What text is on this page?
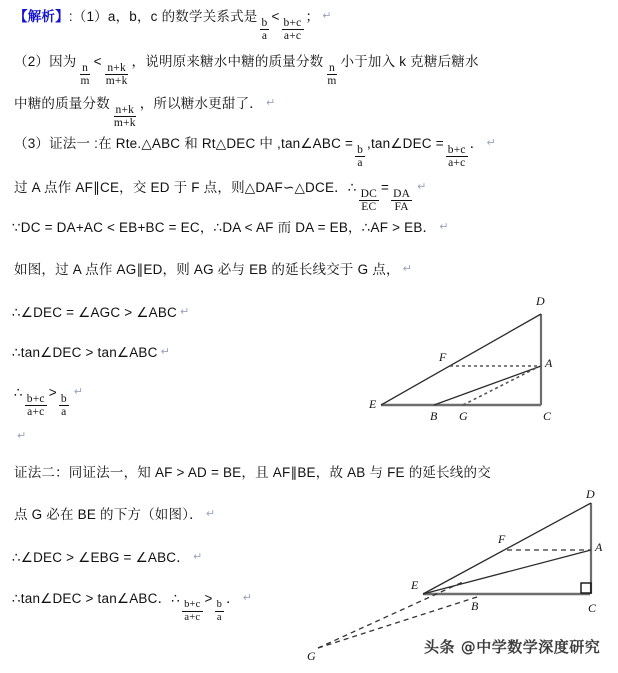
【解析】:（1）a，b，c 的数学关系式是
$\frac{b}{a}$
<
$\frac{b+c}{a+c}$
； ↵
（2）因为
$\frac{n}{m}$
<
$\frac{n+k}{m+k}$
，说明原来糖水中糖的质量分数
$\frac{n}{m}$
小于加入 k 克糖后糖水
中糖的质量分数
$\frac{n+k}{m+k}$
，所以糖水更甜了． ↵
（3）证法一 :在 Rte.△ABC 和 Rt△DEC 中 ,tan∠ABC =
$\frac{b}{a}$
,tan∠DEC =
$\frac{b+c}{a+c}$
． ↵
过 A 点作 AF∥CE，交 ED 于 F 点，则△DAF∽△DCE．∴
$\frac{DC}{EC}$
=
$\frac{DA}{FA}$
↵
∵DC = DA+AC < EB+BC = EC，∴DA < AF 而 DA = EB，∴AF > EB． ↵
如图，过 A 点作 AG∥ED，则 AG 必与 EB 的延长线交于 G 点， ↵
∴∠DEC = ∠AGC > ∠ABC ↵
∴tan∠DEC > tan∠ABC ↵
∴
$\frac{b+c}{a+c}$
>
$\frac{b}{a}$
↵
↵
证法二：同证法一，知 AF > AD = BE，且 AF∥BE，故 AB 与 FE 的延长线的交
点 G 必在 BE 的下方（如图）． ↵
∴∠DEC > ∠EBG = ∠ABC． ↵
∴tan∠DEC > tan∠ABC．∴
$\frac{b+c}{a+c}$
>
$\frac{b}{a}$
． ↵
D
A
F
E
B G	C
D
A
F
E
B	C
G	头条 @中学数学深度研究
